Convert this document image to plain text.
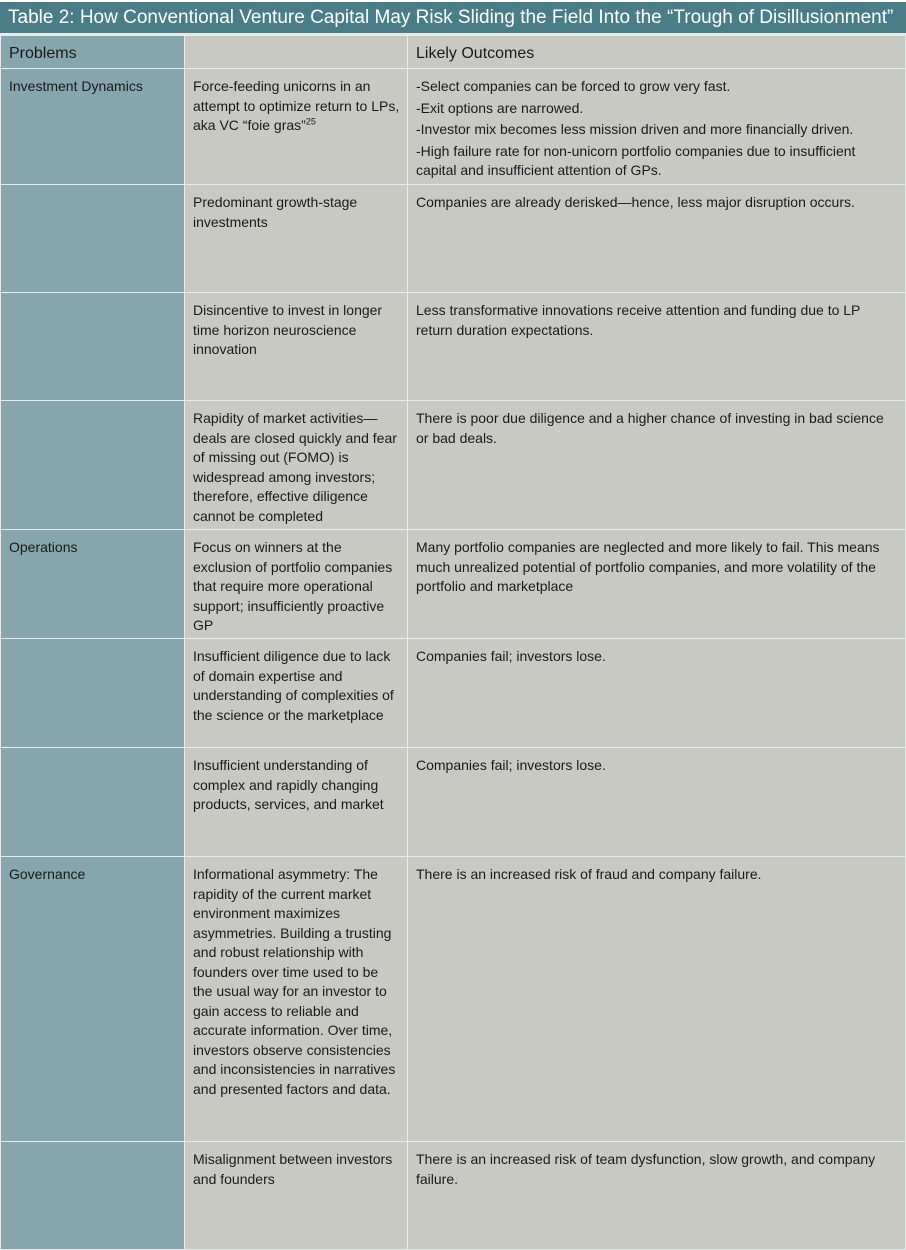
Table 2: How Conventional Venture Capital May Risk Sliding the Field Into the “Trough of Disillusionment”
Problems		Likely Outcomes
Investment Dynamics	Force-feeding unicorns in an attempt to optimize return to LPs, aka VC “foie gras”$^{25}$	-Select companies can be forced to grow very fast.
-Exit options are narrowed.
-Investor mix becomes less mission driven and more financially driven.
-High failure rate for non-unicorn portfolio companies due to insufficient capital and insufficient attention of GPs.

	Predominant growth-stage investments	Companies are already derisked—hence, less major disruption occurs.

	Disincentive to invest in longer time horizon neuroscience innovation	Less transformative innovations receive attention and funding due to LP return duration expectations.

	Rapidity of market activities—deals are closed quickly and fear of missing out (FOMO) is widespread among investors; therefore, effective diligence cannot be completed	There is poor due diligence and a higher chance of investing in bad science or bad deals.

Operations	Focus on winners at the exclusion of portfolio companies that require more operational support; insufficiently proactive GP	Many portfolio companies are neglected and more likely to fail. This means much unrealized potential of portfolio companies, and more volatility of the portfolio and marketplace

	Insufficient diligence due to lack of domain expertise and understanding of complexities of the science or the marketplace	Companies fail; investors lose.

	Insufficient understanding of complex and rapidly changing products, services, and market	Companies fail; investors lose.

Governance	Informational asymmetry: The rapidity of the current market environment maximizes asymmetries. Building a trusting and robust relationship with founders over time used to be the usual way for an investor to gain access to reliable and accurate information. Over time, investors observe consistencies and inconsistencies in narratives and presented factors and data.	There is an increased risk of fraud and company failure.

	Misalignment between investors and founders	There is an increased risk of team dysfunction, slow growth, and company failure.
